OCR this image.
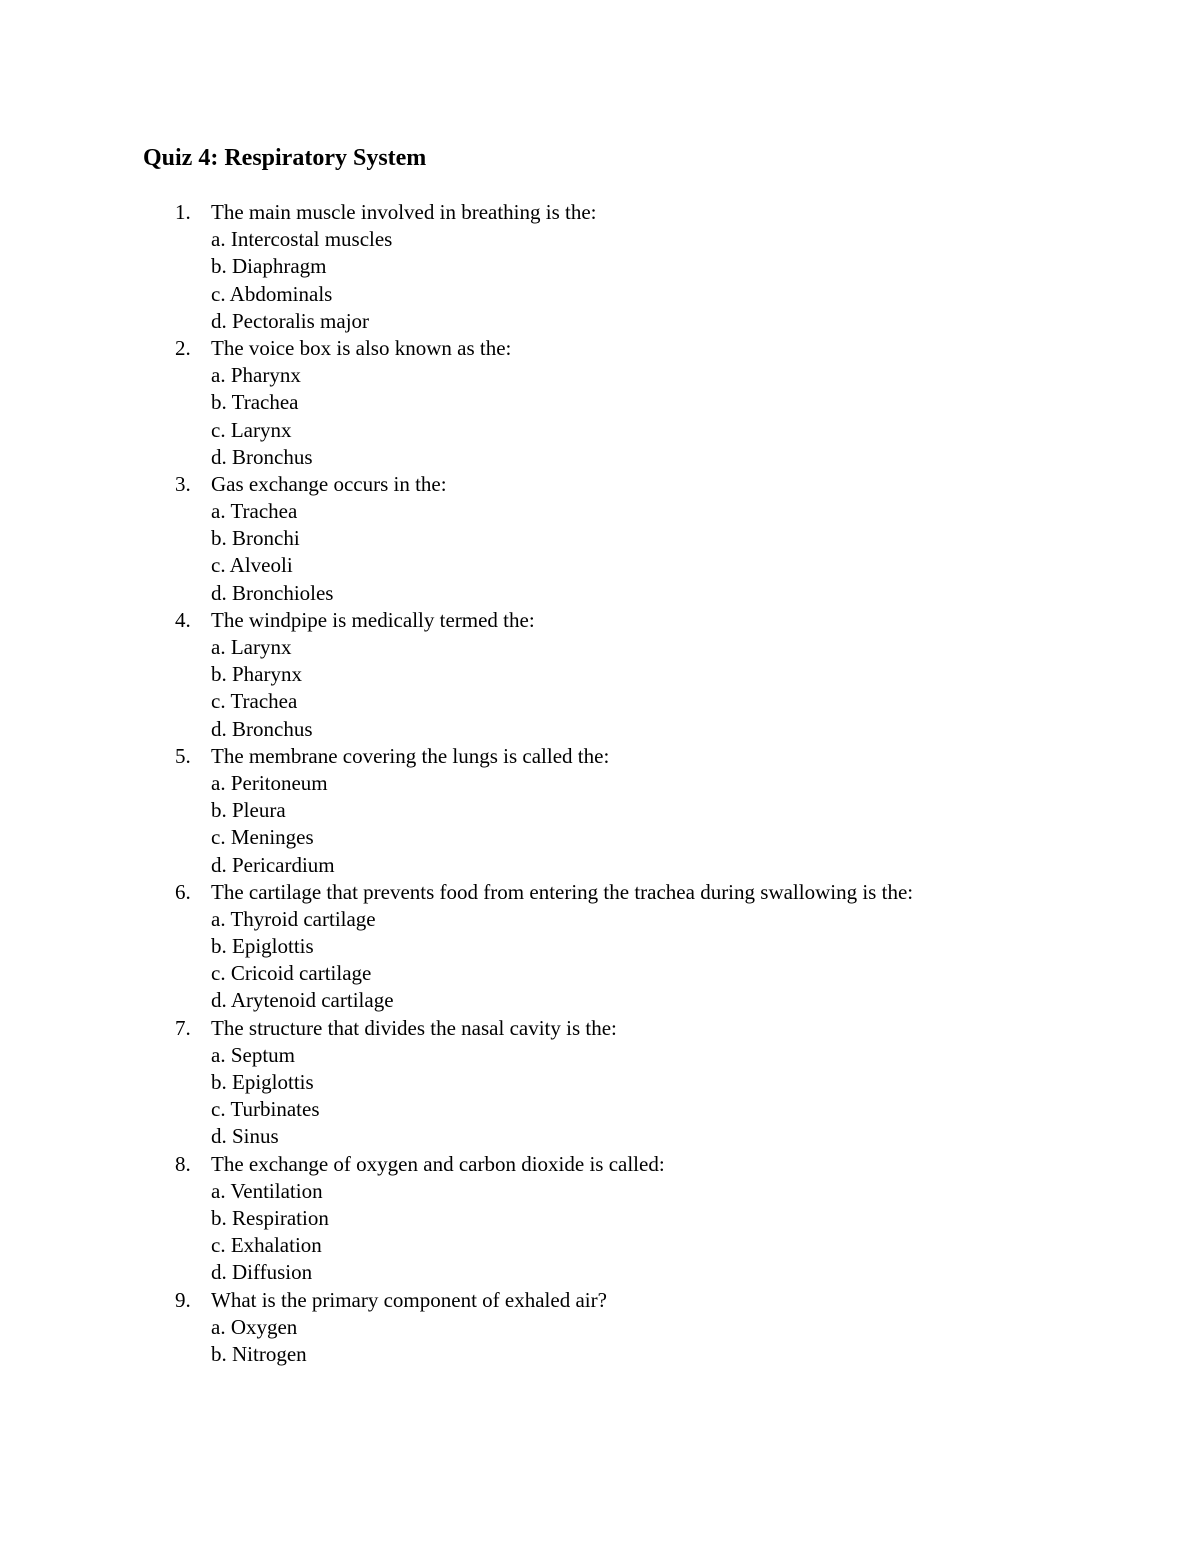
Quiz 4: Respiratory System
1. The main muscle involved in breathing is the:
a. Intercostal muscles
b. Diaphragm
c. Abdominals
d. Pectoralis major
2. The voice box is also known as the:
a. Pharynx
b. Trachea
c. Larynx
d. Bronchus
3. Gas exchange occurs in the:
a. Trachea
b. Bronchi
c. Alveoli
d. Bronchioles
4. The windpipe is medically termed the:
a. Larynx
b. Pharynx
c. Trachea
d. Bronchus
5. The membrane covering the lungs is called the:
a. Peritoneum
b. Pleura
c. Meninges
d. Pericardium
6. The cartilage that prevents food from entering the trachea during swallowing is the:
a. Thyroid cartilage
b. Epiglottis
c. Cricoid cartilage
d. Arytenoid cartilage
7. The structure that divides the nasal cavity is the:
a. Septum
b. Epiglottis
c. Turbinates
d. Sinus
8. The exchange of oxygen and carbon dioxide is called:
a. Ventilation
b. Respiration
c. Exhalation
d. Diffusion
9. What is the primary component of exhaled air?
a. Oxygen
b. Nitrogen
